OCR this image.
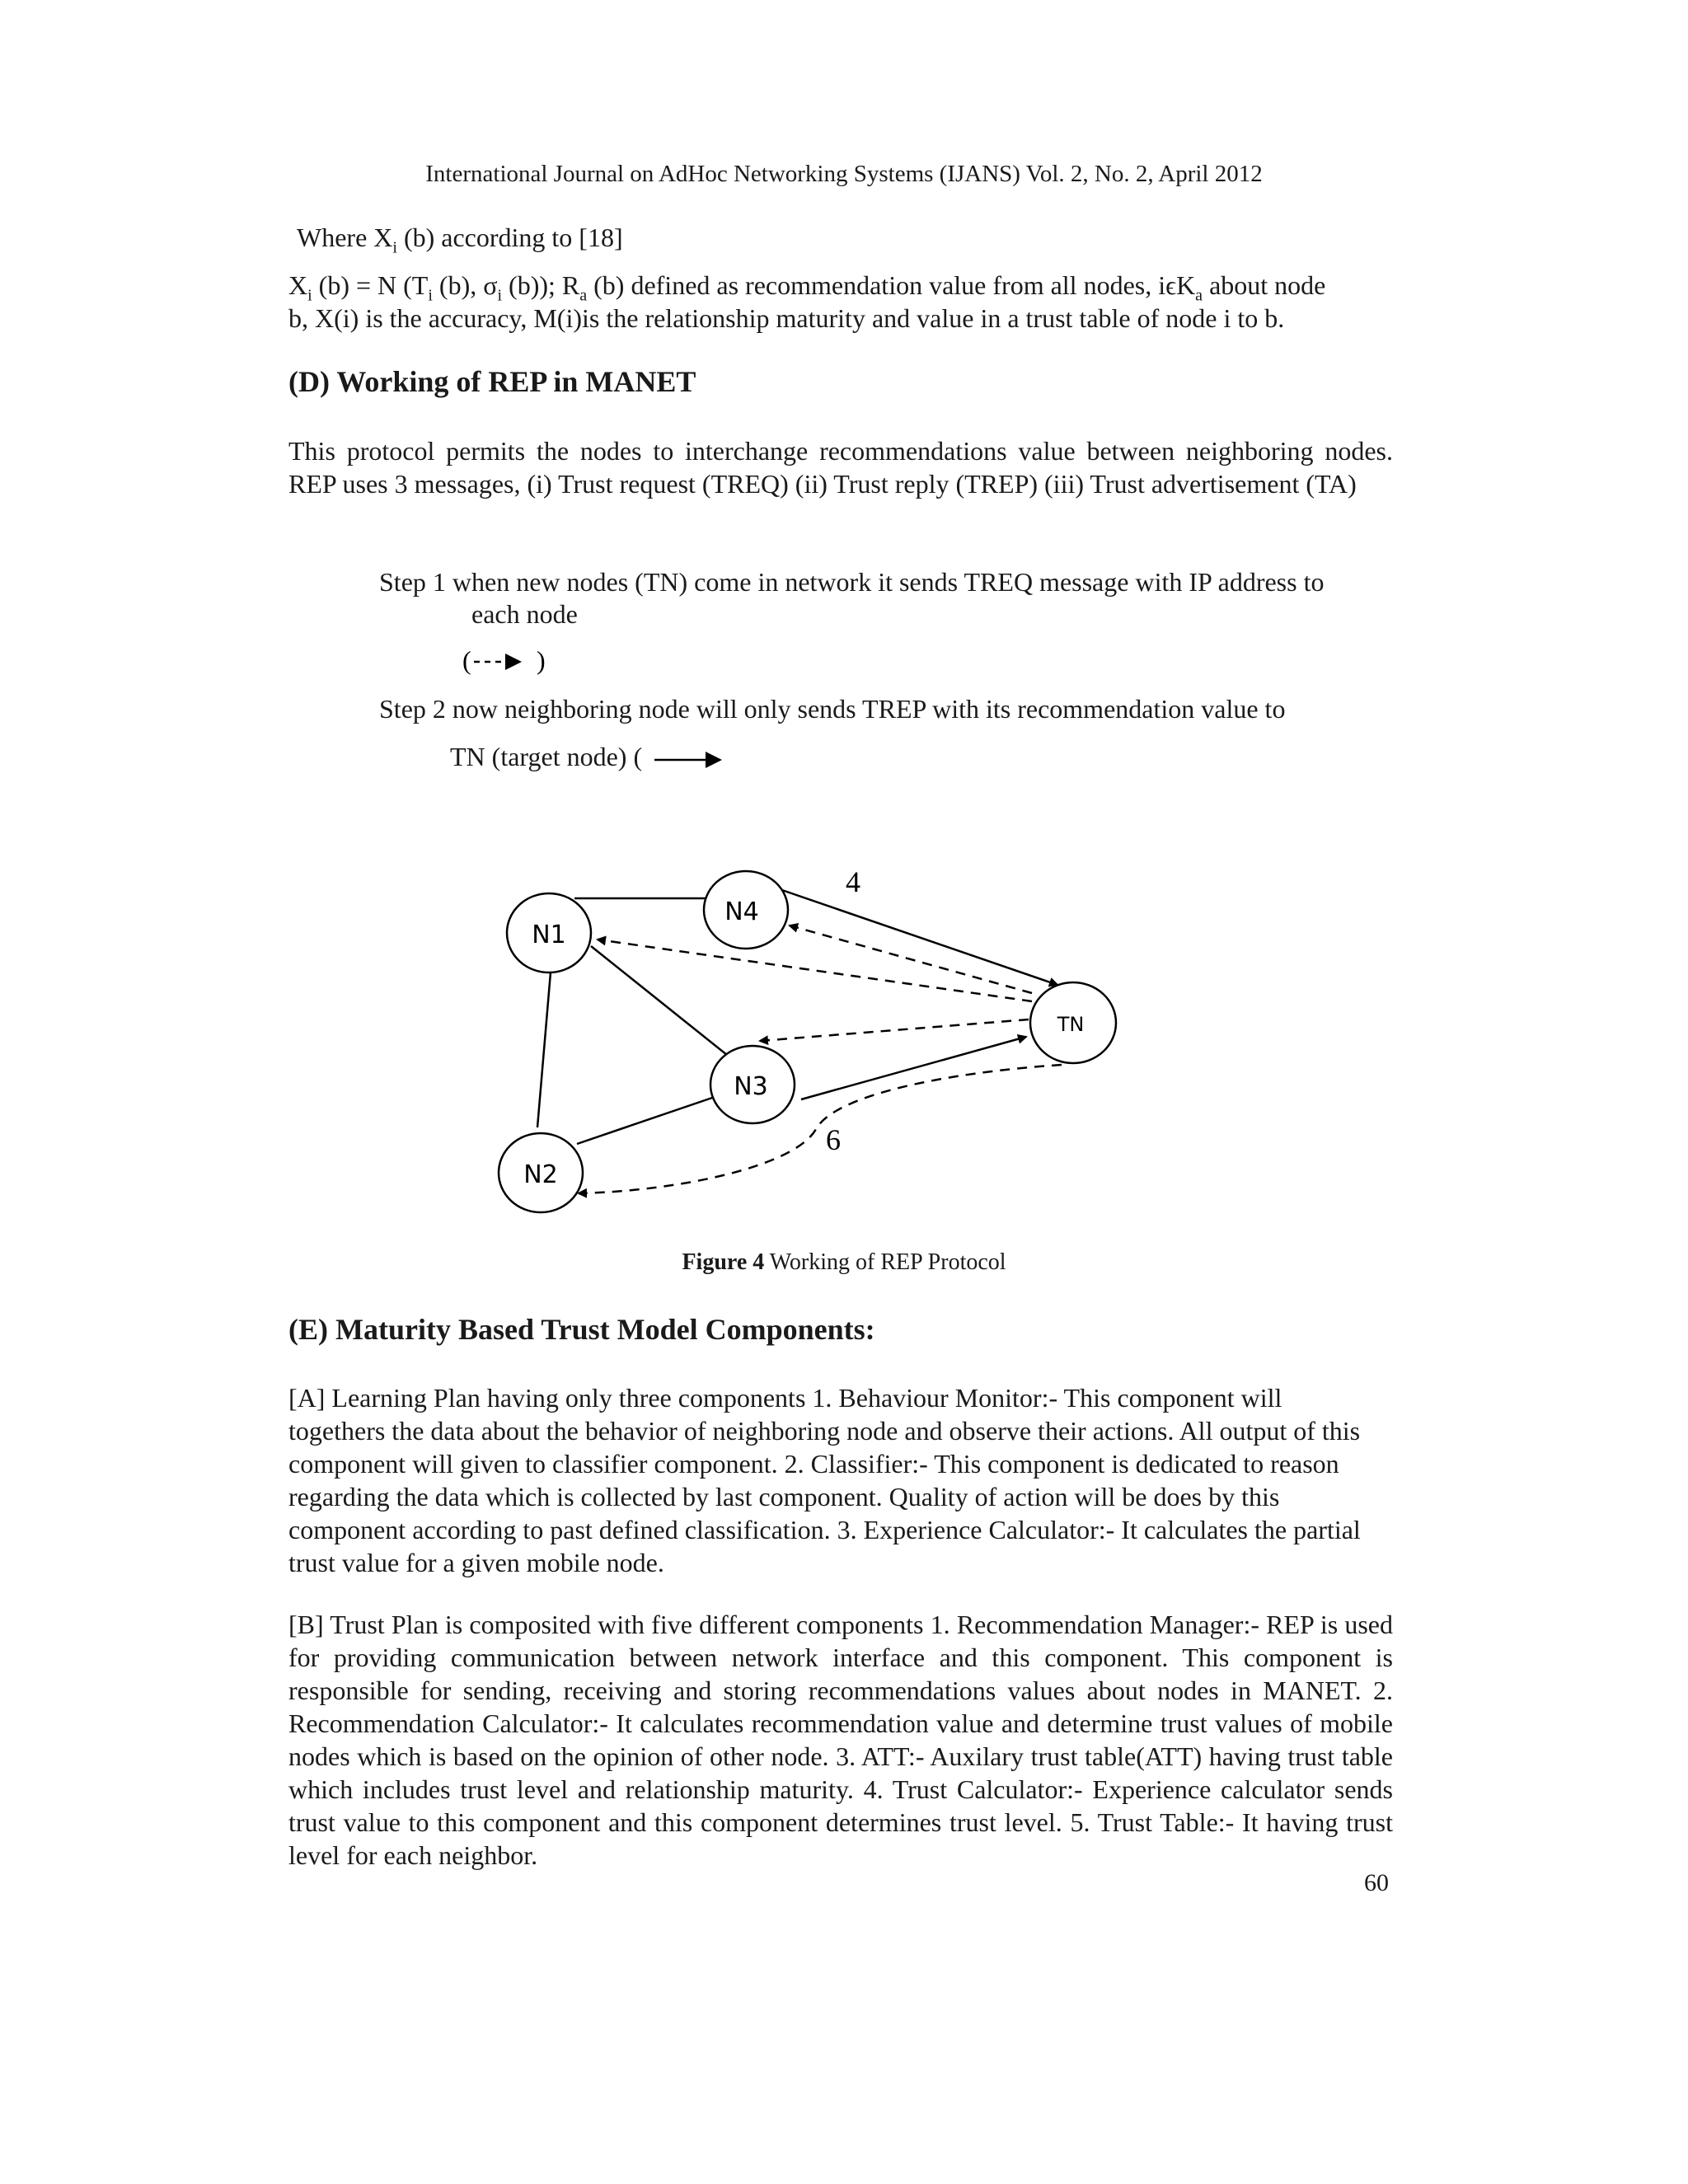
International Journal on AdHoc Networking Systems (IJANS) Vol. 2, No. 2, April 2012
Where $X_i$ (b) according to [18]
$X_i$ (b) = N ($T_i$ (b), $\sigma_i$ (b)); $R_a$ (b) defined as recommendation value from all nodes, iϵK$_a$ about node
b, X(i) is the accuracy, M(i)is the relationship maturity and value in a trust table of node i to b.
(D) Working of REP in MANET
This protocol permits the nodes to interchange recommendations value between neighboring nodes. REP uses 3 messages, (i) Trust request (TREQ) (ii) Trust reply (TREP) (iii) Trust advertisement (TA)
Step 1 when new nodes (TN) come in network it sends TREQ message with IP address to
each node
( )
Step 2 now neighboring node will only sends TREP with its recommendation value to
TN (target node) (
N1
N4
TN
N3
N2
4
6
Figure 4 Working of REP Protocol
(E) Maturity Based Trust Model Components:
[A] Learning Plan having only three components 1. Behaviour Monitor:- This component will togethers the data about the behavior of neighboring node and observe their actions. All output of this component will given to classifier component. 2. Classifier:- This component is dedicated to reason regarding the data which is collected by last component. Quality of action will be does by this component according to past defined classification. 3. Experience Calculator:- It calculates the partial trust value for a given mobile node.
[B] Trust Plan is composited with five different components 1. Recommendation Manager:- REP is used for providing communication between network interface and this component. This component is responsible for sending, receiving and storing recommendations values about nodes in MANET. 2. Recommendation Calculator:- It calculates recommendation value and determine trust values of mobile nodes which is based on the opinion of other node. 3. ATT:- Auxilary trust table(ATT) having trust table which includes trust level and relationship maturity. 4. Trust Calculator:- Experience calculator sends trust value to this component and this component determines trust level. 5. Trust Table:- It having trust level for each neighbor.
60
